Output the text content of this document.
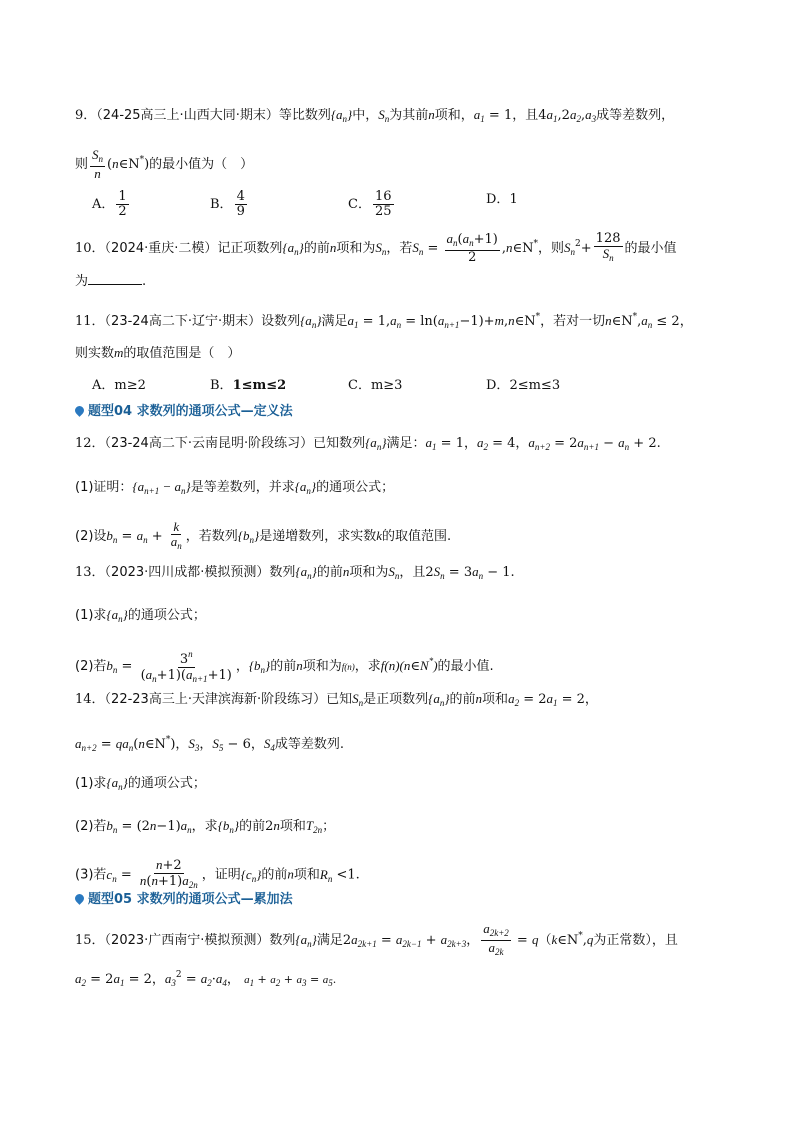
9．（24-25高三上·山西大同·期末）等比数列$\{a_n\}$中，$S_n$为其前n项和，$a_1 = 1$，且$4a_1,2a_2,a_3$成等差数列，
则 $\frac{S_n}{n}$ (n∈N*)的最小值为（　）
A． $\frac{1}{2}$	B． $\frac{4}{9}$	C． $\frac{16}{25}$	D．1
10．（2024·重庆·二模）记正项数列$\{a_n\}$的前n项和为$S_n$，若$S_n = \frac{a_n(a_n+1)}{2}$ ,n∈N*，则$S_n^2+ \frac{128}{S_n}$ 的最小值
为	.
11．（23-24高二下·辽宁·期末）设数列$\{a_n\}$满足$a_1 = 1,a_n$ = $\ln(a_{n+1}-1)+m,n\in N^*$，若对一切$n\in N^*,a_n \le 2$，
则实数m的取值范围是（　）
A．m≥2	B．1≤m≤2	C．m≥3	D．2≤m≤3
题型04 求数列的通项公式—定义法
12．（23-24高二下·云南昆明·阶段练习）已知数列$\{a_n\}$满足：$a_1 = 1$，$a_2 = 4$，$a_{n+2} = 2a_{n+1} - a_n + 2$.
(1)证明：$\{a_{n+1} - a_n\}$是等差数列，并求$\{a_n\}$的通项公式；
(2)设$b_n = a_n + \frac{k}{a_n}$ ，若数列$\{b_n\}$是递增数列，求实数k的取值范围.
13．（2023·四川成都·模拟预测）数列$\{a_n\}$的前n项和为$S_n$，且$2S_n = 3a_n - 1$.
(1)求$\{a_n\}$的通项公式；
(2)若$b_n = \frac{3^n}{(a_n+1)(a_{n+1}+1)}$ ，$\{b_n\}$的前n项和为f(n)，求f(n)(n∈N*)的最小值.
14．（22-23高三上·天津滨海新·阶段练习）已知$S_n$是正项数列$\{a_n\}$的前n项和$a_2 = 2a_1 = 2$，
$a_{n+2}$ = $qa_n(n\in N^*)$，$S_3$，$S_5 - 6$，$S_4$成等差数列.
(1)求$\{a_n\}$的通项公式；
(2)若$b_n = (2n-1)a_n$，求$\{b_n\}$的前2n项和$T_{2n}$；
(3)若$c_n = \frac{n+2}{n(n+1)a_{2n}}$ ，证明$\{c_n\}$的前n项和$R_n <1$.
题型05 求数列的通项公式—累加法
15．（2023·广西南宁·模拟预测）数列$\{a_n\}$满足$2a_{2k+1} = a_{2k-1} + a_{2k+3}$， $\frac{a_{2k+2}}{a_{2k}}$ = q（k∈N*,q为正常数），且
$a_2 = 2a_1 = 2$，$a_3^2 = a_2\cdot a_4$， $a_1 + a_2 + a_3 = a_5$.
